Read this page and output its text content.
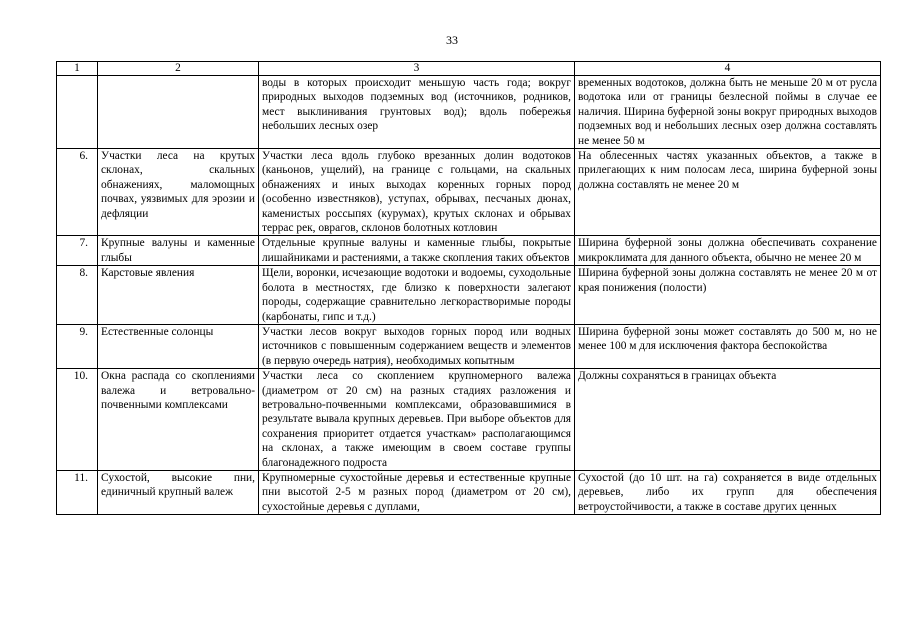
33
1	2	3	4
		воды в которых происходит меньшую часть года; вокруг природных выходов подземных вод (источников, родников, мест выклинивания грунтовых вод); вдоль побережья небольших лесных озер	временных водотоков, должна быть не меньше 20 м от русла водотока или от границы безлесной поймы в случае ее наличия. Ширина буферной зоны вокруг природных выходов подземных вод и небольших лесных озер должна составлять не менее 50 м
6.	Участки леса на крутых склонах, скальных обнажениях, маломощных почвах, уязвимых для эрозии и дефляции	Участки леса вдоль глубоко врезанных долин водотоков (каньонов, ущелий), на границе с гольцами, на скальных обнажениях и иных выходах коренных горных пород (особенно известняков), уступах, обрывах, песчаных дюнах, каменистых россыпях (курумах), крутых склонах и обрывах террас рек, оврагов, склонов болотных котловин	На облесенных частях указанных объектов, а также в прилегающих к ним полосам леса, ширина буферной зоны должна составлять не менее 20 м
7.	Крупные валуны и каменные глыбы	Отдельные крупные валуны и каменные глыбы, покрытые лишайниками и растениями, а также скопления таких объектов	Ширина буферной зоны должна обеспечивать сохранение микроклимата для данного объекта, обычно не менее 20 м
8.	Карстовые явления	Щели, воронки, исчезающие водотоки и водоемы, суходольные болота в местностях, где близко к поверхности залегают породы, содержащие сравнительно легкорастворимые породы (карбонаты, гипс и т.д.)	Ширина буферной зоны должна составлять не менее 20 м от края понижения (полости)
9.	Естественные солонцы	Участки лесов вокруг выходов горных пород или водных источников с повышенным содержанием веществ и элементов (в первую очередь натрия), необходимых копытным	Ширина буферной зоны может составлять до 500 м, но не менее 100 м для исключения фактора беспокойства
10.	Окна распада со скоплениями валежа и ветровально-почвенными комплексами	Участки леса со скоплением крупномерного валежа (диаметром от 20 см) на разных стадиях разложения и ветровально-почвенными комплексами, образовавшимися в результате вывала крупных деревьев. При выборе объектов для сохранения приоритет отдается участкам» располагающимся на склонах, а также имеющим в своем составе группы благонадежного подроста	Должны сохраняться в границах объекта
11.	Сухостой, высокие пни, единичный крупный валеж	Крупномерные сухостойные деревья и естественные крупные пни высотой 2-5 м разных пород (диаметром от 20 см), сухостойные деревья с дуплами,	Сухостой (до 10 шт. на га) сохраняется в виде отдельных деревьев, либо их групп для обеспечения ветроустойчивости, а также в составе других ценных
